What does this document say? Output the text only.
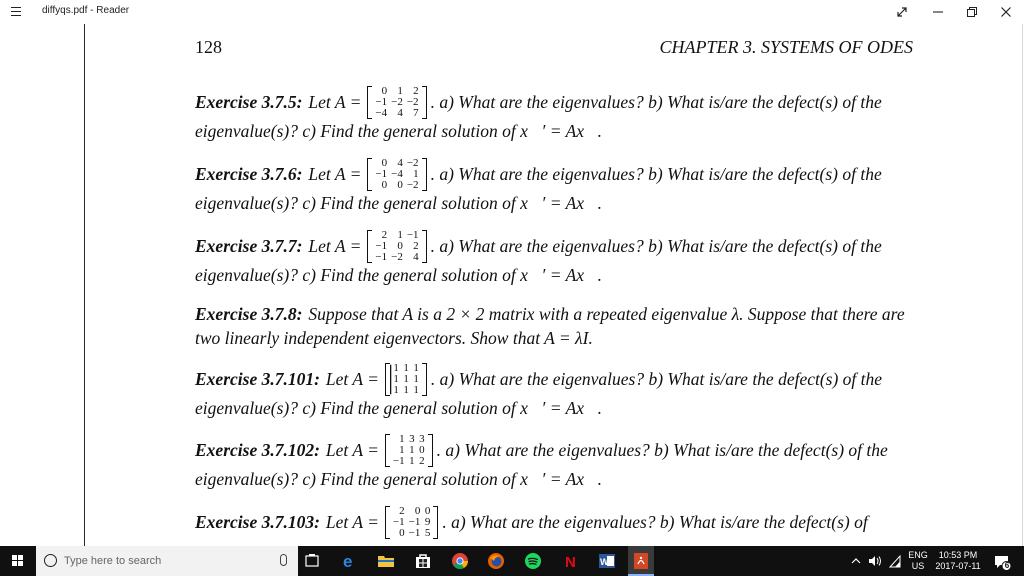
diffyqs.pdf - Reader
128	CHAPTER 3. SYSTEMS OF ODES
Exercise 3.7.5: Let A =
0	1	2
−1	−2	−2
−4	4	7
. a) What are the eigenvalues? b) What is/are the defect(s) of the
eigenvalue(s)? c) Find the general solution of x⃗′ = Ax⃗.
Exercise 3.7.6: Let A =
0	4	−2
−1	−4	1
0	0	−2
. a) What are the eigenvalues? b) What is/are the defect(s) of the
eigenvalue(s)? c) Find the general solution of x⃗′ = Ax⃗.
Exercise 3.7.7: Let A =
2	1	−1
−1	0	2
−1	−2	4
. a) What are the eigenvalues? b) What is/are the defect(s) of the
eigenvalue(s)? c) Find the general solution of x⃗′ = Ax⃗.
Exercise 3.7.8: Suppose that A is a 2 × 2 matrix with a repeated eigenvalue λ. Suppose that there are two linearly independent eigenvectors. Show that A = λI.
Exercise 3.7.101: Let A =
1	1	1
1	1	1
1	1	1
. a) What are the eigenvalues? b) What is/are the defect(s) of the
eigenvalue(s)? c) Find the general solution of x⃗′ = Ax⃗.
Exercise 3.7.102: Let A =
1	3	3
1	1	0
−1	1	2
. a) What are the eigenvalues? b) What is/are the defect(s) of the
eigenvalue(s)? c) Find the general solution of x⃗′ = Ax⃗.
Exercise 3.7.103: Let A =
2	0	0
−1	−1	9
0	−1	5
. a) What are the eigenvalues? b) What is/are the defect(s) of
Type here to search	e	N	W
ENG
US
10:53 PM
2017-07-11	6
